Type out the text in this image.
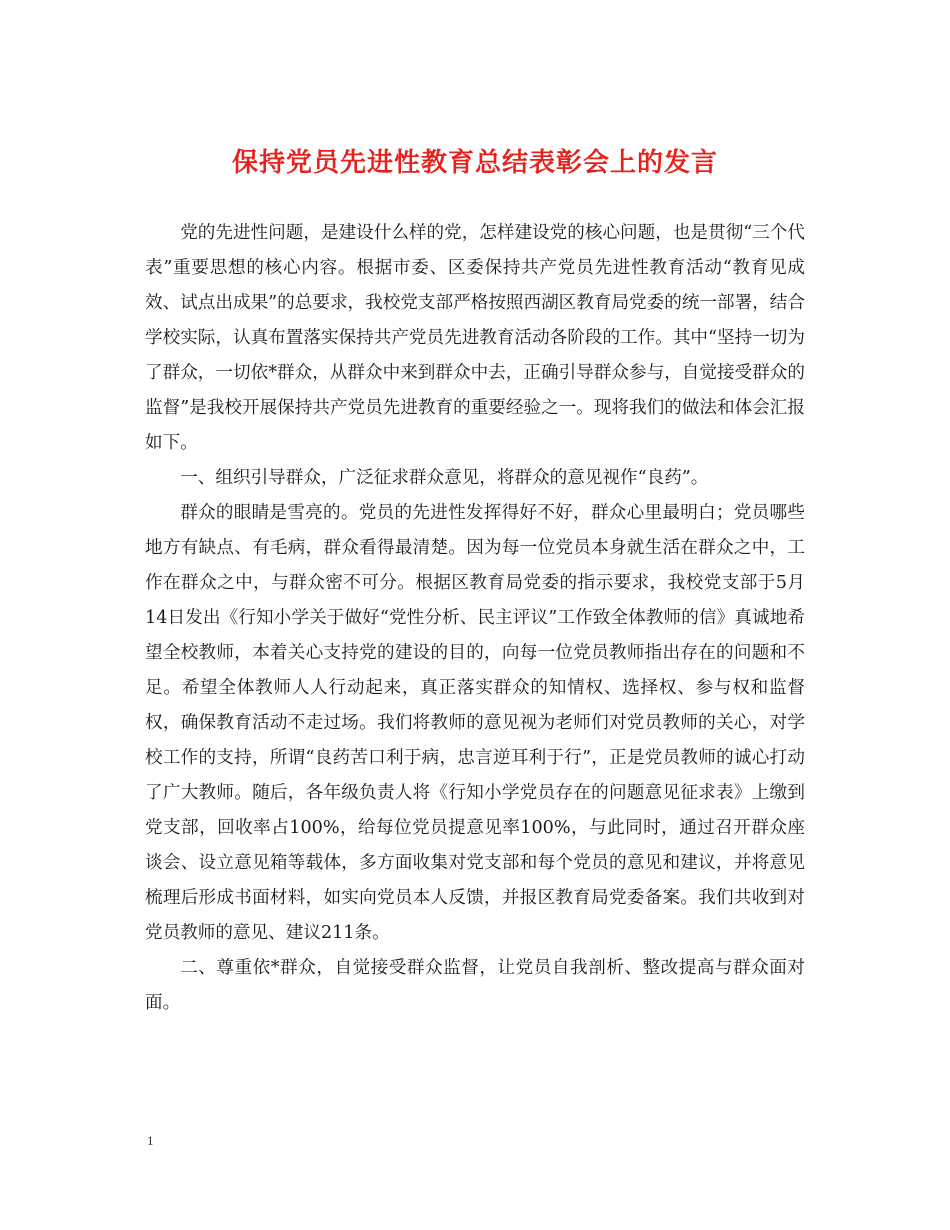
保持党员先进性教育总结表彰会上的发言

党的先进性问题，是建设什么样的党，怎样建设党的核心问题，也是贯彻“三个代表”重要思想的核心内容。根据市委、区委保持共产党员先进性教育活动“教育见成效、试点出成果”的总要求，我校党支部严格按照西湖区教育局党委的统一部署，结合学校实际，认真布置落实保持共产党员先进教育活动各阶段的工作。其中“坚持一切为了群众，一切依*群众，从群众中来到群众中去，正确引导群众参与，自觉接受群众的监督”是我校开展保持共产党员先进教育的重要经验之一。现将我们的做法和体会汇报如下。

一、组织引导群众，广泛征求群众意见，将群众的意见视作“良药”。

群众的眼睛是雪亮的。党员的先进性发挥得好不好，群众心里最明白；党员哪些地方有缺点、有毛病，群众看得最清楚。因为每一位党员本身就生活在群众之中，工作在群众之中，与群众密不可分。根据区教育局党委的指示要求，我校党支部于5月14日发出《行知小学关于做好“党性分析、民主评议”工作致全体教师的信》真诚地希望全校教师，本着关心支持党的建设的目的，向每一位党员教师指出存在的问题和不足。希望全体教师人人行动起来，真正落实群众的知情权、选择权、参与权和监督权，确保教育活动不走过场。我们将教师的意见视为老师们对党员教师的关心，对学校工作的支持，所谓“良药苦口利于病，忠言逆耳利于行”，正是党员教师的诚心打动了广大教师。随后，各年级负责人将《行知小学党员存在的问题意见征求表》上缴到党支部，回收率占100%，给每位党员提意见率100%，与此同时，通过召开群众座谈会、设立意见箱等载体，多方面收集对党支部和每个党员的意见和建议，并将意见梳理后形成书面材料，如实向党员本人反馈，并报区教育局党委备案。我们共收到对党员教师的意见、建议211条。

二、尊重依*群众，自觉接受群众监督，让党员自我剖析、整改提高与群众面对面。

1
